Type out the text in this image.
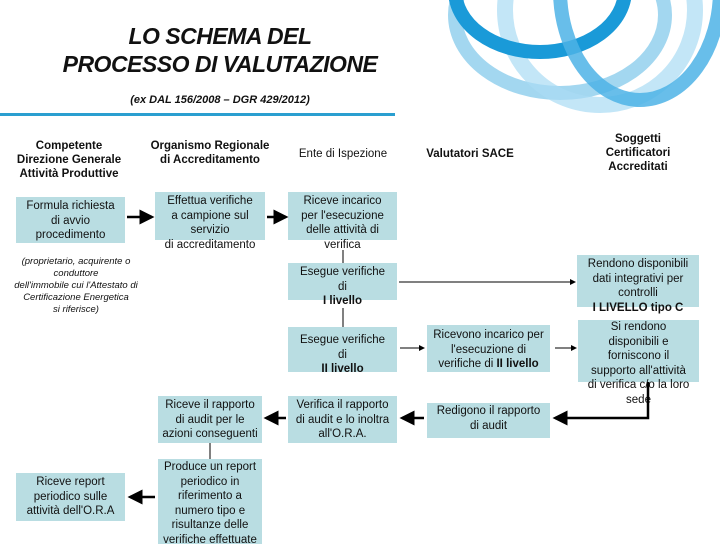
LO SCHEMA DEL
PROCESSO DI VALUTAZIONE
(ex DAL 156/2008 – DGR 429/2012)
Competente
Direzione Generale
Attività Produttive
Organismo Regionale
di Accreditamento	Ente di Ispezione	Valutatori SACE
Soggetti
Certificatori
Accreditati
Formula richiesta
di avvio
procedimento
Effettua verifiche
a campione sul
servizio
di accreditamento
Riceve incarico
per l'esecuzione
delle attività di
verifica
Esegue verifiche
di
I livello
Rendono disponibili
dati integrativi per
controlli
I LIVELLO tipo C
(proprietario, acquirente o
conduttore
dell'immobile cui l'Attestato di
Certificazione Energetica
si riferisce)
Esegue verifiche
di
II livello
Ricevono incarico per
l'esecuzione di
verifiche di II livello
Si rendono
disponibili e
forniscono il
supporto all'attività
di verifica c/o la loro
sede
Riceve il rapporto
di audit per le
azioni conseguenti
Verifica il rapporto
di audit e lo inoltra
all'O.R.A.
Redigono il rapporto
di audit
Produce un report
periodico in
riferimento a
numero tipo e
risultanze delle
verifiche effettuate
Riceve report
periodico sulle
attività dell'O.R.A
